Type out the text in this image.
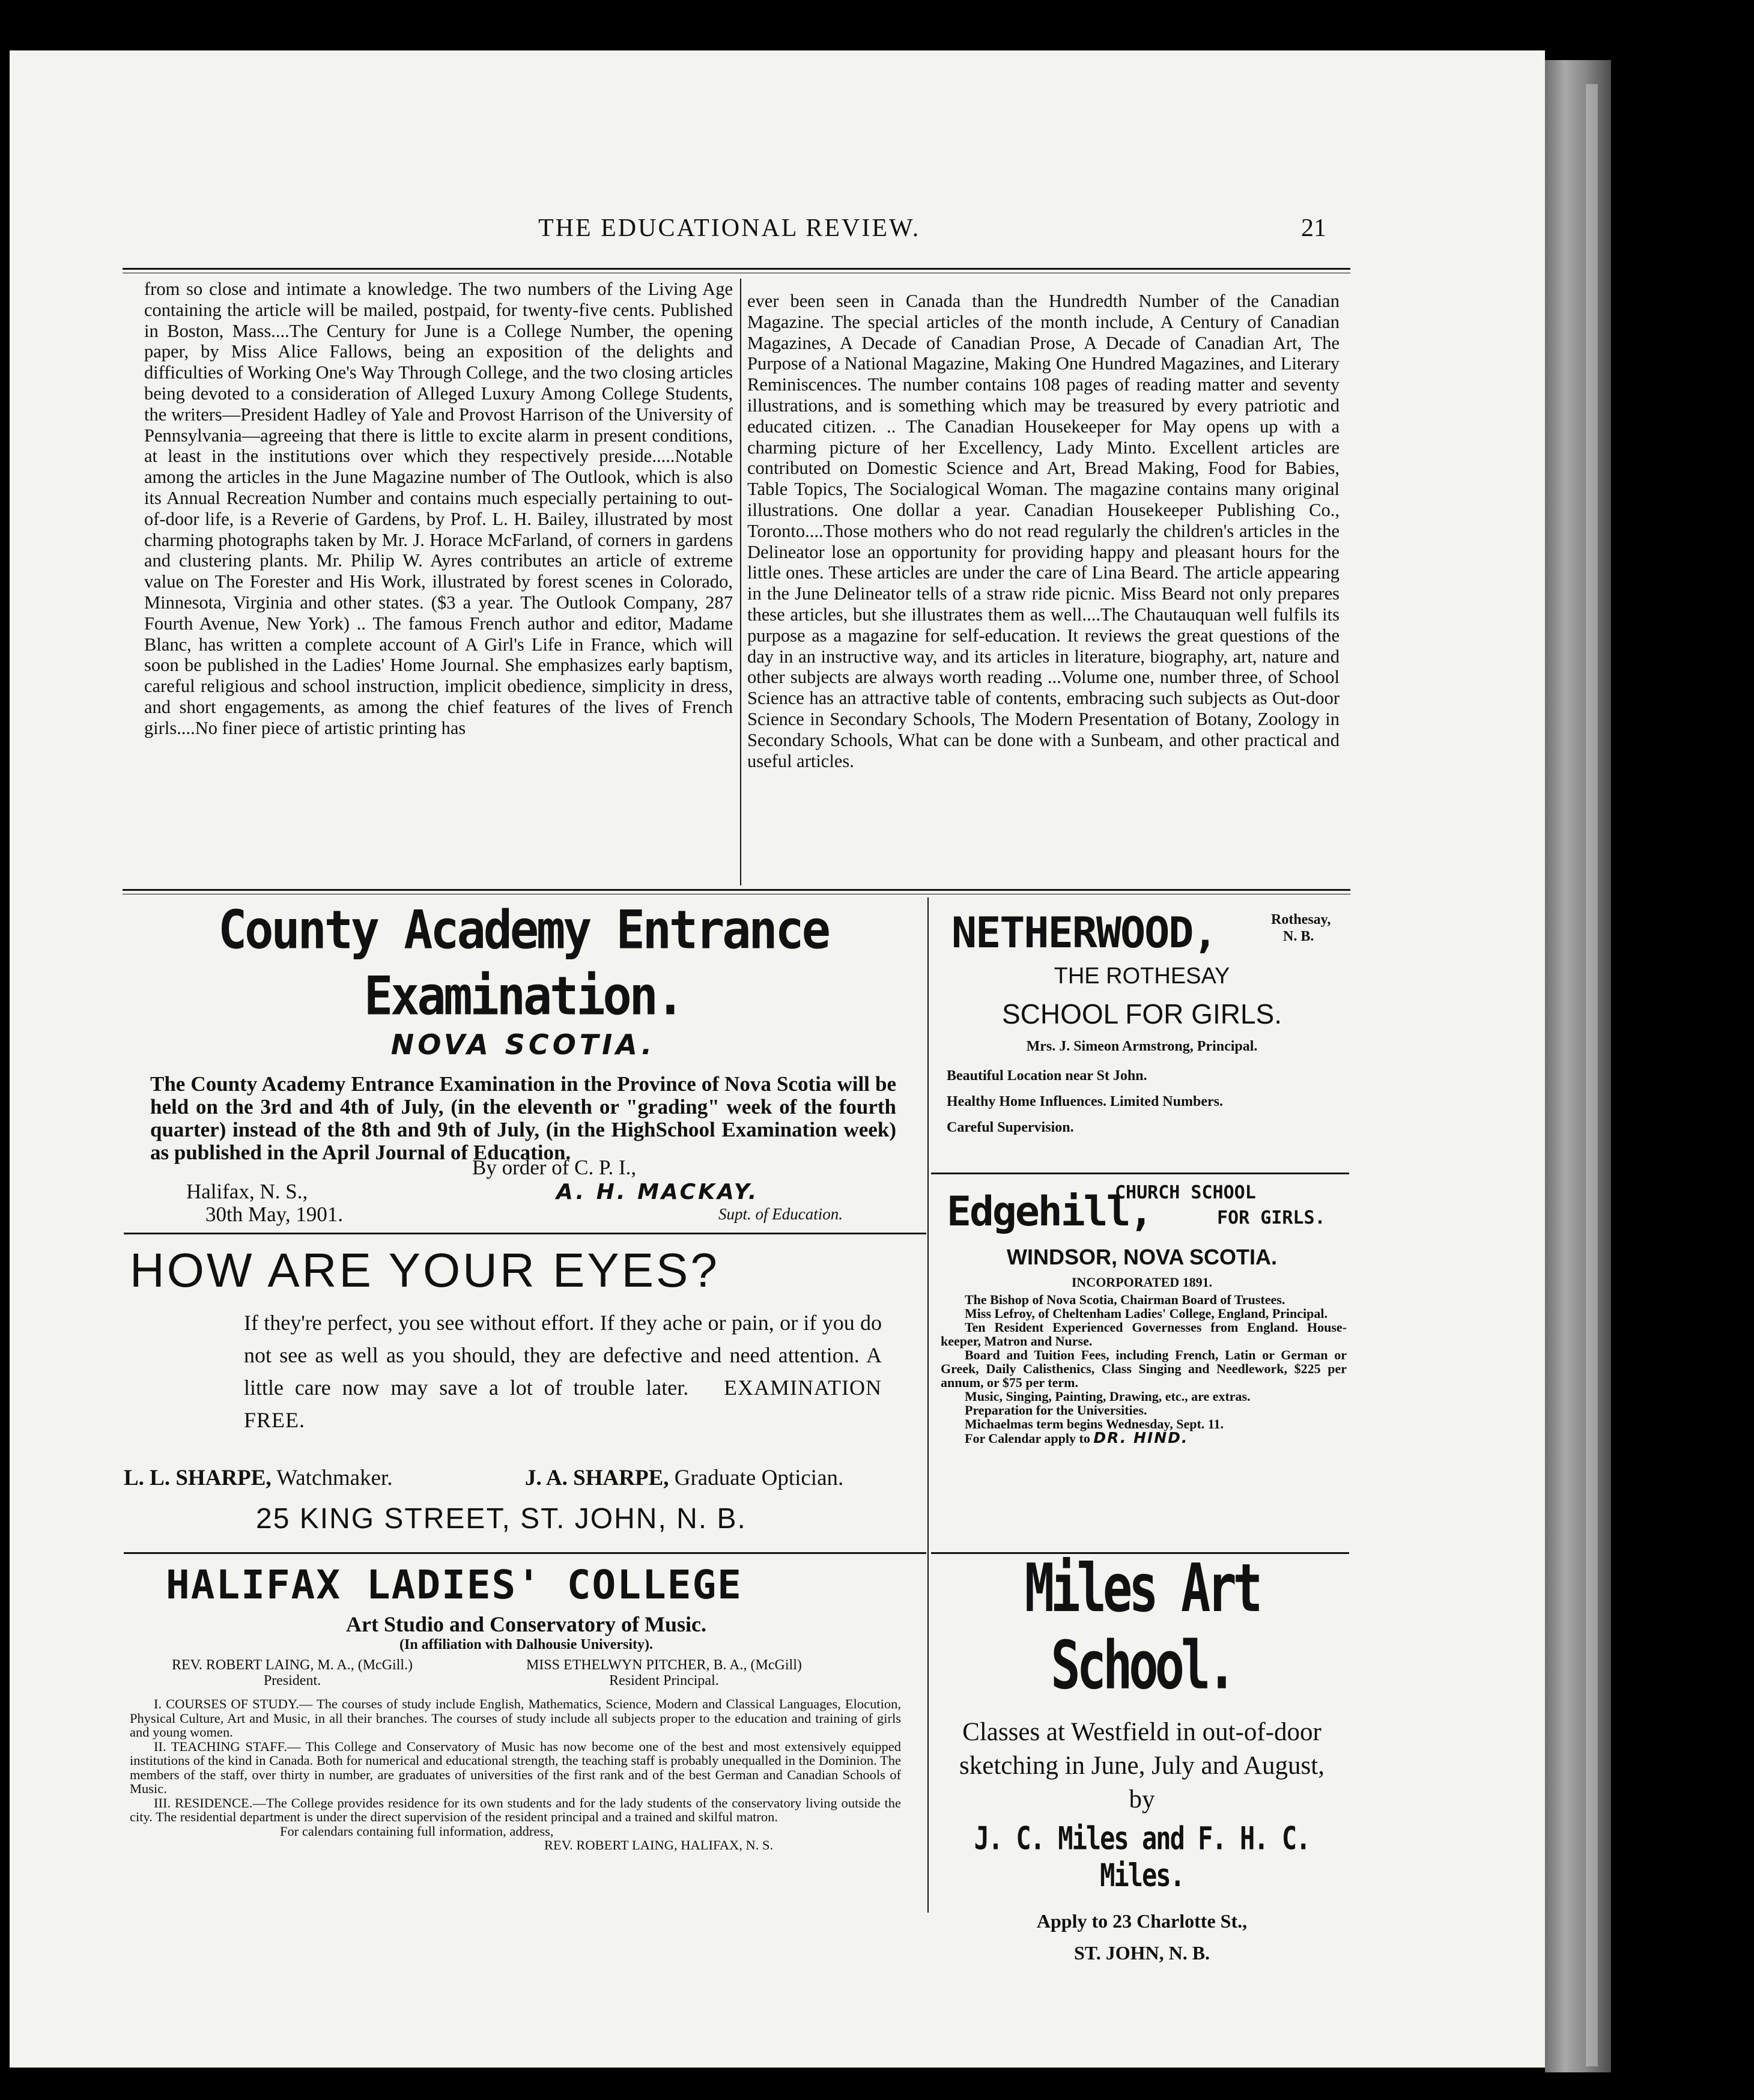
THE EDUCATIONAL REVIEW.	21

from so close and intimate a knowledge. The two numbers of the Living Age containing the article will be mailed, postpaid, for twenty-five cents. Published in Boston, Mass....The Century for June is a College Number, the opening paper, by Miss Alice Fallows, being an exposition of the delights and difficulties of Working One's Way Through College, and the two closing articles being devoted to a consideration of Alleged Luxury Among College Students, the writers—President Hadley of Yale and Provost Harrison of the University of Pennsylvania—agreeing that there is little to excite alarm in present conditions, at least in the institutions over which they respectively preside.....Notable among the articles in the June Magazine number of The Outlook, which is also its Annual Recreation Number and contains much especially pertaining to out-of-door life, is a Reverie of Gardens, by Prof. L. H. Bailey, illustrated by most charming photographs taken by Mr. J. Horace McFarland, of corners in gardens and clustering plants. Mr. Philip W. Ayres contributes an article of extreme value on The Forester and His Work, illustrated by forest scenes in Colorado, Minnesota, Virginia and other states. ($3 a year. The Outlook Company, 287 Fourth Avenue, New York) .. The famous French author and editor, Madame Blanc, has written a complete account of A Girl's Life in France, which will soon be published in the Ladies' Home Journal. She emphasizes early baptism, careful religious and school instruction, implicit obedience, simplicity in dress, and short engagements, as among the chief features of the lives of French girls....No finer piece of artistic printing has

ever been seen in Canada than the Hundredth Number of the Canadian Magazine. The special articles of the month include, A Century of Canadian Magazines, A Decade of Canadian Prose, A Decade of Canadian Art, The Purpose of a National Magazine, Making One Hundred Magazines, and Literary Reminiscences. The number contains 108 pages of reading matter and seventy illustrations, and is something which may be treasured by every patriotic and educated citizen. .. The Canadian Housekeeper for May opens up with a charming picture of her Excellency, Lady Minto. Excellent articles are contributed on Domestic Science and Art, Bread Making, Food for Babies, Table Topics, The Socialogical Woman. The magazine contains many original illustrations. One dollar a year. Canadian Housekeeper Publishing Co., Toronto....Those mothers who do not read regularly the children's articles in the Delineator lose an opportunity for providing happy and pleasant hours for the little ones. These articles are under the care of Lina Beard. The article appearing in the June Delineator tells of a straw ride picnic. Miss Beard not only prepares these articles, but she illustrates them as well....The Chautauquan well fulfils its purpose as a magazine for self-education. It reviews the great questions of the day in an instructive way, and its articles in literature, biography, art, nature and other subjects are always worth reading ...Volume one, number three, of School Science has an attractive table of contents, embracing such subjects as Out-door Science in Secondary Schools, The Modern Presentation of Botany, Zoology in Secondary Schools, What can be done with a Sunbeam, and other practical and useful articles.

County Academy Entrance Examination.
NOVA SCOTIA.
The County Academy Entrance Examination in the Province of Nova Scotia will be held on the 3rd and 4th of July, (in the eleventh or "grading" week of the fourth quarter) instead of the 8th and 9th of July, (in the HighSchool Examination week) as published in the April Journal of Education.
By order of C. P. I.,
Halifax, N. S.,
30th May, 1901.
A. H. MACKAY.
Supt. of Education.
HOW ARE YOUR EYES?
If they're perfect, you see without effort. If they ache or pain, or if you do not see as well as you should, they are defective and need attention. A little care now may save a lot of trouble later. EXAMINATION FREE.
L. L. SHARPE, Watchmaker.	J. A. SHARPE, Graduate Optician.
25 KING STREET, ST. JOHN, N. B.
HALIFAX LADIES' COLLEGE
Art Studio and Conservatory of Music.
(In affiliation with Dalhousie University).
REV. ROBERT LAING, M. A., (McGill.)
President.
MISS ETHELWYN PITCHER, B. A., (McGill)
Resident Principal.

I. COURSES OF STUDY.— The courses of study include English, Mathematics, Science, Modern and Classical Languages, Elocution, Physical Culture, Art and Music, in all their branches. The courses of study include all subjects proper to the education and training of girls and young women.

II. TEACHING STAFF.— This College and Conservatory of Music has now become one of the best and most extensively equipped institutions of the kind in Canada. Both for numerical and educational strength, the teaching staff is probably unequalled in the Dominion. The members of the staff, over thirty in number, are graduates of universities of the first rank and of the best German and Canadian Schools of Music.

III. RESIDENCE.—The College provides residence for its own students and for the lady students of the conservatory living outside the city. The residential department is under the direct supervision of the resident principal and a trained and skilful matron.

For calendars containing full information, address,

REV. ROBERT LAING, HALIFAX, N. S.

NETHERWOOD,	Rothesay,
N. B.
THE ROTHESAY
SCHOOL FOR GIRLS.
Mrs. J. Simeon Armstrong, Principal.
Beautiful Location near St John.
Healthy Home Influences. Limited Numbers.
Careful Supervision.
Edgehill,
CHURCH SCHOOL
FOR GIRLS.
WINDSOR, NOVA SCOTIA.
INCORPORATED 1891.

The Bishop of Nova Scotia, Chairman Board of Trustees.

Miss Lefroy, of Cheltenham Ladies' College, England, Principal.

Ten Resident Experienced Governesses from England. House-keeper, Matron and Nurse.

Board and Tuition Fees, including French, Latin or German or Greek, Daily Calisthenics, Class Singing and Needlework, $225 per annum, or $75 per term.

Music, Singing, Painting, Drawing, etc., are extras.

Preparation for the Universities.

Michaelmas term begins Wednesday, Sept. 11.

For Calendar apply to DR. HIND.

Miles Art School.
Classes at Westfield in out-of-door sketching in June, July and August, by
J. C. Miles and F. H. C. Miles.
Apply to 23 Charlotte St.,
ST. JOHN, N. B.
